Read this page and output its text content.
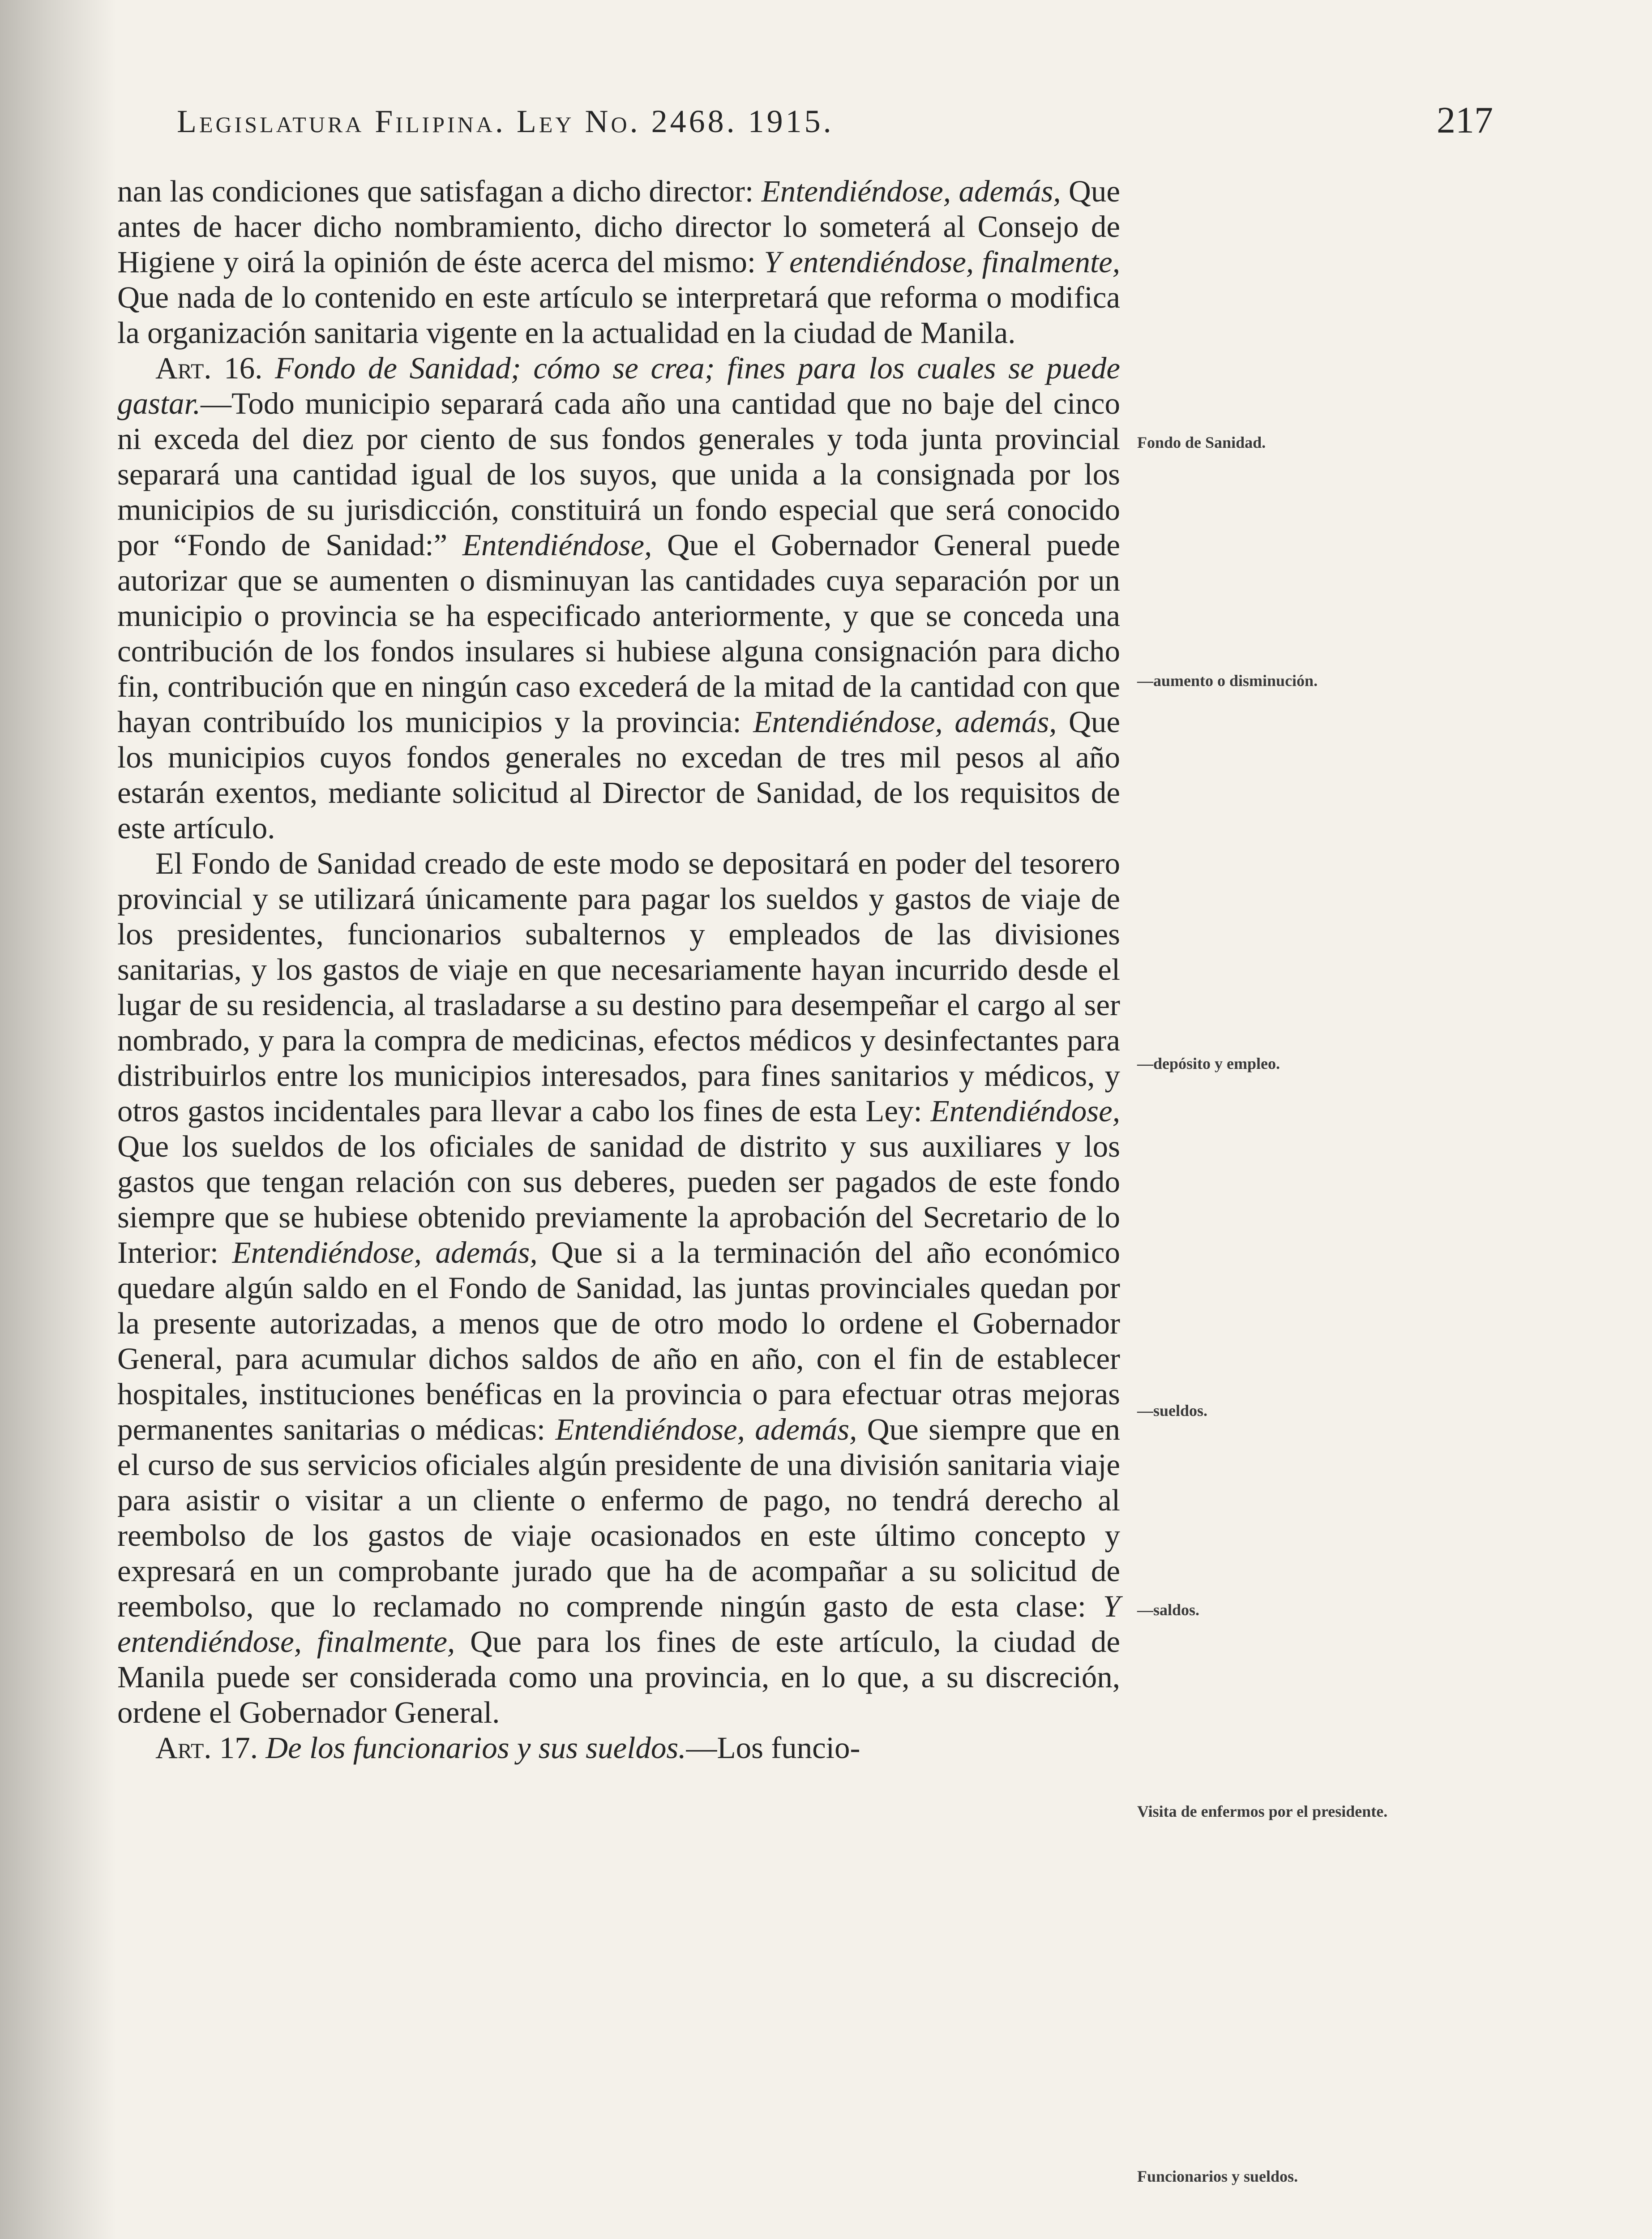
Legislatura Filipina. Ley No. 2468. 1915.	217

nan las condiciones que satisfagan a dicho director: Entendiéndose, además, Que antes de hacer dicho nombramiento, dicho director lo someterá al Consejo de Higiene y oirá la opinión de éste acerca del mismo: Y entendiéndose, finalmente, Que nada de lo contenido en este artículo se interpretará que reforma o modifica la organización sanitaria vigente en la actualidad en la ciudad de Manila.

Art. 16. Fondo de Sanidad; cómo se crea; fines para los cuales se puede gastar.—Todo municipio separará cada año una cantidad que no baje del cinco ni exceda del diez por ciento de sus fondos generales y toda junta provincial separará una cantidad igual de los suyos, que unida a la consignada por los municipios de su jurisdicción, constituirá un fondo especial que será conocido por “Fondo de Sanidad:” Entendiéndose, Que el Gobernador General puede autorizar que se aumenten o disminuyan las cantidades cuya separación por un municipio o provincia se ha especificado anteriormente, y que se conceda una contribución de los fondos insulares si hubiese alguna consignación para dicho fin, contribución que en ningún caso excederá de la mitad de la cantidad con que hayan contribuído los municipios y la provincia: Entendiéndose, además, Que los municipios cuyos fondos generales no excedan de tres mil pesos al año estarán exentos, mediante solicitud al Director de Sanidad, de los requisitos de este artículo.

El Fondo de Sanidad creado de este modo se depositará en poder del tesorero provincial y se utilizará únicamente para pagar los sueldos y gastos de viaje de los presidentes, funcionarios subalternos y empleados de las divisiones sanitarias, y los gastos de viaje en que necesariamente hayan incurrido desde el lugar de su residencia, al trasladarse a su destino para desempeñar el cargo al ser nombrado, y para la compra de medicinas, efectos médicos y desinfectantes para distribuirlos entre los municipios interesados, para fines sanitarios y médicos, y otros gastos incidentales para llevar a cabo los fines de esta Ley: Entendiéndose, Que los sueldos de los oficiales de sanidad de distrito y sus auxiliares y los gastos que tengan relación con sus deberes, pueden ser pagados de este fondo siempre que se hubiese obtenido previamente la aprobación del Secretario de lo Interior: Entendiéndose, además, Que si a la terminación del año económico quedare algún saldo en el Fondo de Sanidad, las juntas provinciales quedan por la presente autorizadas, a menos que de otro modo lo ordene el Gobernador General, para acumular dichos saldos de año en año, con el fin de establecer hospitales, instituciones benéficas en la provincia o para efectuar otras mejoras permanentes sanitarias o médicas: Entendiéndose, además, Que siempre que en el curso de sus servicios oficiales algún presidente de una división sanitaria viaje para asistir o visitar a un cliente o enfermo de pago, no tendrá derecho al reembolso de los gastos de viaje ocasionados en este último concepto y expresará en un comprobante jurado que ha de acompañar a su solicitud de reembolso, que lo reclamado no comprende ningún gasto de esta clase: Y entendiéndose, finalmente, Que para los fines de este artículo, la ciudad de Manila puede ser considerada como una provincia, en lo que, a su discreción, ordene el Gobernador General.

Art. 17. De los funcionarios y sus sueldos.—Los funcio-

Fondo de Sanidad.
—aumento o disminución.
—depósito y empleo.
—sueldos.
—saldos.
Visita de enfermos por el presidente.
Funcionarios y sueldos.
